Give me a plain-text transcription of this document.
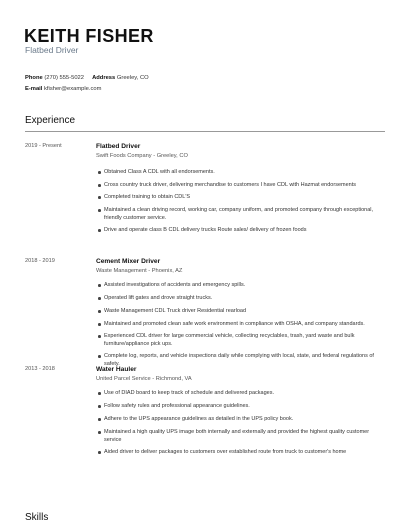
KEITH FISHER
Flatbed Driver
Phone (270) 555-5022 Address Greeley, CO
E-mail kfisher@example.com
Experience
2019 - Present	Flatbed Driver
Swift Foods Company - Greeley, CO
Obtained Class A CDL with all endorsements.
Cross country truck driver, delivering merchandise to customers I have CDL with Hazmat endorsements
Completed training to obtain CDL'S
Maintained a clean driving record, working car, company uniform, and promoted company through exceptional, friendly customer service.
Drive and operate class B CDL delivery trucks Route sales/ delivery of frozen foods
2018 - 2019	Cement Mixer Driver
Waste Management - Phoenix, AZ
Assisted investigations of accidents and emergency spills.
Operated lift gates and drove straight trucks.
Waste Management CDL Truck driver Residential rearload
Maintained and promoted clean safe work environment in compliance with OSHA, and company standards.
Experienced CDL driver for large commercial vehicle, collecting recyclables, trash, yard waste and bulk furniture/appliance pick ups.
Complete log, reports, and vehicle inspections daily while complying with local, state, and federal regulations of safety.
2013 - 2018	Water Hauler
United Parcel Service - Richmond, VA
Use of DIAD board to keep track of schedule and delivered packages.
Follow safety rules and professional appearance guidelines.
Adhere to the UPS appearance guidelines as detailed in the UPS policy book.
Maintained a high quality UPS image both internally and externally and provided the highest quality customer service
Aided driver to deliver packages to customers over established route from truck to customer's home
Skills
